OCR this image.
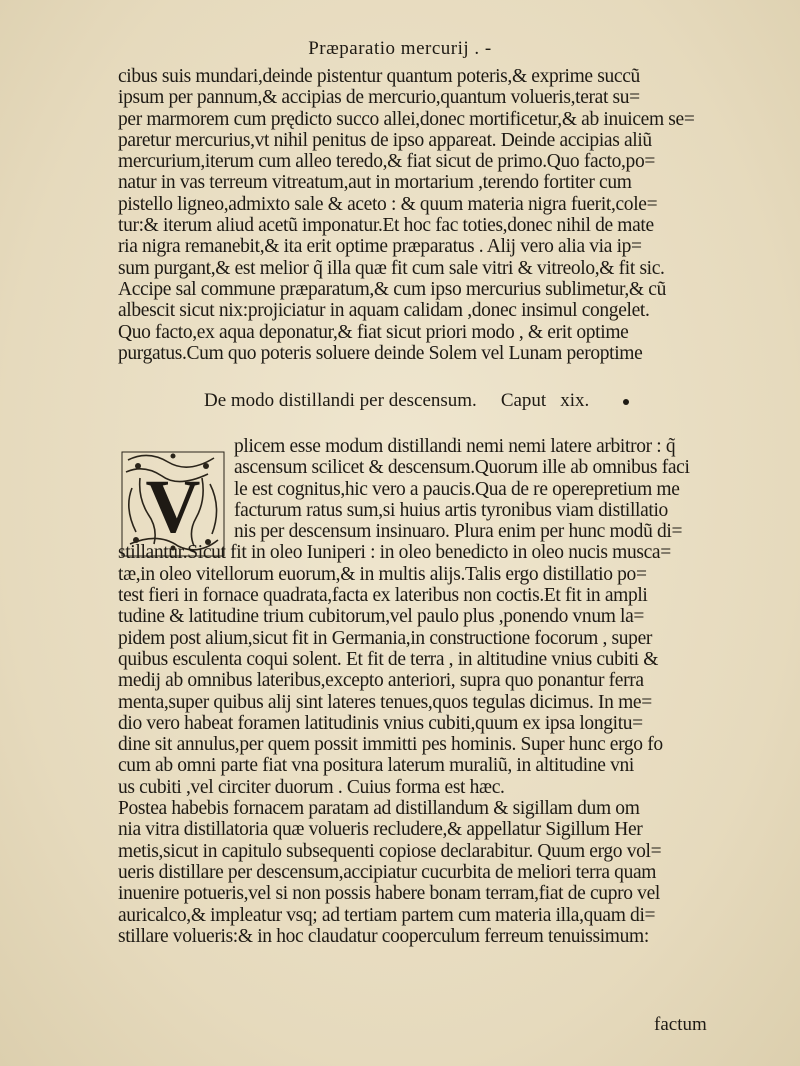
Præparatio mercurij . -
cibus suis mundari,deinde pistentur quantum poteris,& exprime succũ
ipsum per pannum,& accipias de mercurio,quantum volueris,terat su=
per marmorem cum prędicto succo allei,donec mortificetur,& ab inuicem se=
paretur mercurius,vt nihil penitus de ipso appareat. Deinde accipias aliũ
mercurium,iterum cum alleo teredo,& fiat sicut de primo.Quo facto,po=
natur in vas terreum vitreatum,aut in mortarium ,terendo fortiter cum
pistello ligneo,admixto sale & aceto : & quum materia nigra fuerit,cole=
tur:& iterum aliud acetũ imponatur.Et hoc fac toties,donec nihil de mate
ria nigra remanebit,& ita erit optime præparatus . Alij vero alia via ip=
sum purgant,& est melior q̃ illa quæ fit cum sale vitri & vitreolo,& fit sic.
Accipe sal commune præparatum,& cum ipso mercurius sublimetur,& cũ
albescit sicut nix:projiciatur in aquam calidam ,donec insimul congelet.
Quo facto,ex aqua deponatur,& fiat sicut priori modo , & erit optime
purgatus.Cum quo poteris soluere deinde Solem vel Lunam peroptime
De modo distillandi per descensum. Caput xix.
V
plicem esse modum distillandi nemi nemi latere arbitror : q̃
ascensum scilicet & descensum.Quorum ille ab omnibus faci
le est cognitus,hic vero a paucis.Qua de re operepretium me
facturum ratus sum,si huius artis tyronibus viam distillatio
nis per descensum insinuaro. Plura enim per hunc modũ di=
stillantur.Sicut fit in oleo Iuniperi : in oleo benedicto in oleo nucis musca=
tæ,in oleo vitellorum euorum,& in multis alijs.Talis ergo distillatio po=
test fieri in fornace quadrata,facta ex lateribus non coctis.Et fit in ampli
tudine & latitudine trium cubitorum,vel paulo plus ,ponendo vnum la=
pidem post alium,sicut fit in Germania,in constructione focorum , super
quibus esculenta coqui solent. Et fit de terra , in altitudine vnius cubiti &
medij ab omnibus lateribus,excepto anteriori, supra quo ponantur ferra
menta,super quibus alij sint lateres tenues,quos tegulas dicimus. In me=
dio vero habeat foramen latitudinis vnius cubiti,quum ex ipsa longitu=
dine sit annulus,per quem possit immitti pes hominis. Super hunc ergo fo
cum ab omni parte fiat vna positura laterum muraliũ, in altitudine vni
us cubiti ,vel circiter duorum . Cuius forma est hæc.
Postea habebis fornacem paratam ad distillandum & sigillam dum om
nia vitra distillatoria quæ volueris recludere,& appellatur Sigillum Her
metis,sicut in capitulo subsequenti copiose declarabitur. Quum ergo vol=
ueris distillare per descensum,accipiatur cucurbita de meliori terra quam
inuenire potueris,vel si non possis habere bonam terram,fiat de cupro vel
auricalco,& impleatur vsq; ad tertiam partem cum materia illa,quam di=
stillare volueris:& in hoc claudatur cooperculum ferreum tenuissimum:
factum
